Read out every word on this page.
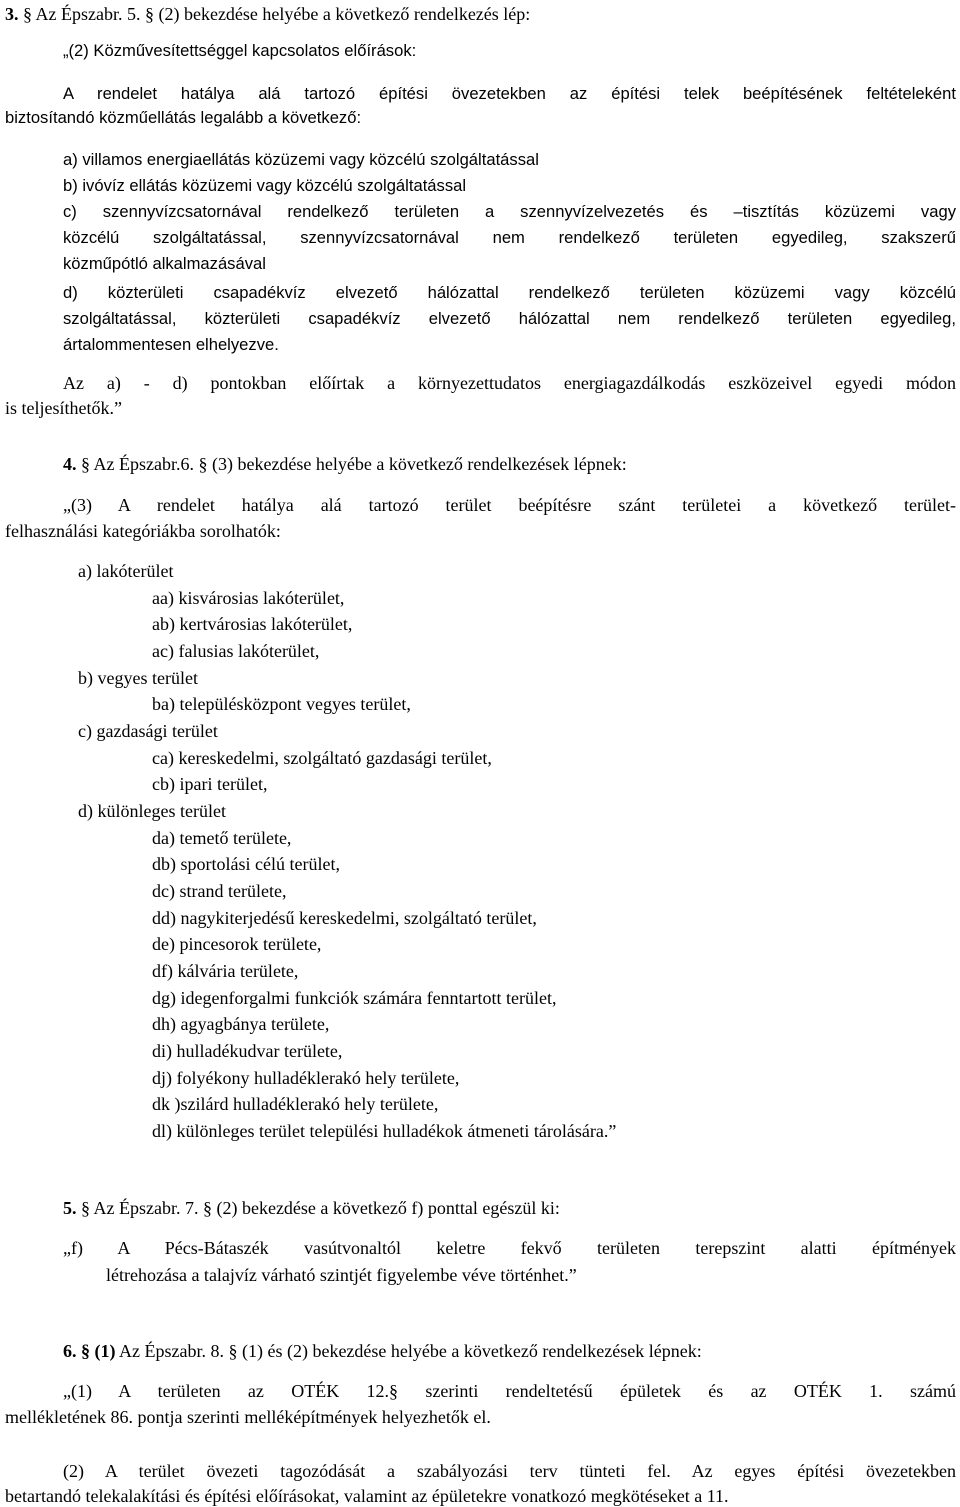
3. § Az Épszabr. 5. § (2) bekezdése helyébe a következő rendelkezés lép:
„(2) Közművesítettséggel kapcsolatos előírások:
A rendelet hatálya alá tartozó építési övezetekben az építési telek beépítésének feltételeként
biztosítandó közműellátás legalább a következő:
a) villamos energiaellátás közüzemi vagy közcélú szolgáltatással
b) ivóvíz ellátás közüzemi vagy közcélú szolgáltatással
c) szennyvízcsatornával rendelkező területen a szennyvízelvezetés és –tisztítás közüzemi vagy
közcélú szolgáltatással, szennyvízcsatornával nem rendelkező területen egyedileg, szakszerű
közműpótló alkalmazásával
d) közterületi csapadékvíz elvezető hálózattal rendelkező területen közüzemi vagy közcélú
szolgáltatással, közterületi csapadékvíz elvezető hálózattal nem rendelkező területen egyedileg,
ártalommentesen elhelyezve.
Az a) - d) pontokban előírtak a környezettudatos energiagazdálkodás eszközeivel egyedi módon
is teljesíthetők.”
4. § Az Épszabr.6. § (3) bekezdése helyébe a következő rendelkezések lépnek:
„(3) A rendelet hatálya alá tartozó terület beépítésre szánt területei a következő terület-
felhasználási kategóriákba sorolhatók:
a) lakóterület
aa) kisvárosias lakóterület,
ab) kertvárosias lakóterület,
ac) falusias lakóterület,
b) vegyes terület
ba) településközpont vegyes terület,
c) gazdasági terület
ca) kereskedelmi, szolgáltató gazdasági terület,
cb) ipari terület,
d) különleges terület
da) temető területe,
db) sportolási célú terület,
dc) strand területe,
dd) nagykiterjedésű kereskedelmi, szolgáltató terület,
de) pincesorok területe,
df) kálvária területe,
dg) idegenforgalmi funkciók számára fenntartott terület,
dh) agyagbánya területe,
di) hulladékudvar területe,
dj) folyékony hulladéklerakó hely területe,
dk )szilárd hulladéklerakó hely területe,
dl) különleges terület települési hulladékok átmeneti tárolására.”
5. § Az Épszabr. 7. § (2) bekezdése a következő f) ponttal egészül ki:
„f) A Pécs-Bátaszék vasútvonaltól keletre fekvő területen terepszint alatti építmények
létrehozása a talajvíz várható szintjét figyelembe véve történhet.”
6. § (1) Az Épszabr. 8. § (1) és (2) bekezdése helyébe a következő rendelkezések lépnek:
„(1) A területen az OTÉK 12.§ szerinti rendeltetésű épületek és az OTÉK 1. számú
mellékletének 86. pontja szerinti melléképítmények helyezhetők el.
(2) A terület övezeti tagozódását a szabályozási terv tünteti fel. Az egyes építési övezetekben
betartandó telekalakítási és építési előírásokat, valamint az épületekre vonatkozó megkötéseket a 11.
